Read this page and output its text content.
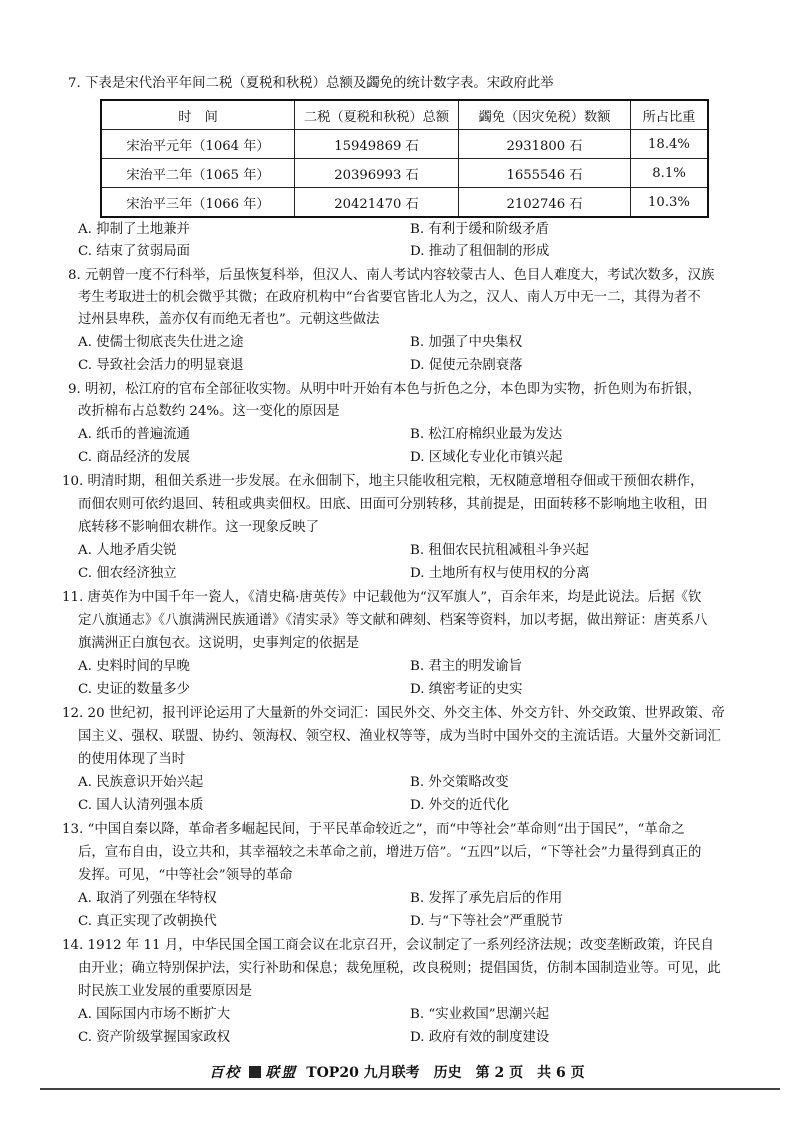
7. 下表是宋代治平年间二税（夏税和秋税）总额及蠲免的统计数字表。宋政府此举
时　间	二税（夏税和秋税）总额	蠲免（因灾免税）数额	所占比重
宋治平元年（1064 年）	15949869 石	2931800 石	18.4%
宋治平二年（1065 年）	20396993 石	1655546 石	8.1%
宋治平三年（1066 年）	20421470 石	2102746 石	10.3%
A. 抑制了土地兼并	B. 有利于缓和阶级矛盾
C. 结束了贫弱局面	D. 推动了租佃制的形成
8. 元朝曾一度不行科举，后虽恢复科举，但汉人、南人考试内容较蒙古人、色目人难度大，考试次数多，汉族
考生考取进士的机会微乎其微；在政府机构中“台省要官皆北人为之，汉人、南人万中无一二，其得为者不
过州县卑秩，盖亦仅有而绝无者也”。元朝这些做法
A. 使儒士彻底丧失仕进之途	B. 加强了中央集权
C. 导致社会活力的明显衰退	D. 促使元杂剧衰落
9. 明初，松江府的官布全部征收实物。从明中叶开始有本色与折色之分，本色即为实物，折色则为布折银，
改折棉布占总数约 24%。这一变化的原因是
A. 纸币的普遍流通	B. 松江府棉织业最为发达
C. 商品经济的发展	D. 区域化专业化市镇兴起
10. 明清时期，租佃关系进一步发展。在永佃制下，地主只能收租完粮，无权随意增租夺佃或干预佃农耕作，
而佃农则可依约退回、转租或典卖佃权。田底、田面可分别转移，其前提是，田面转移不影响地主收租，田
底转移不影响佃农耕作。这一现象反映了
A. 人地矛盾尖锐	B. 租佃农民抗租减租斗争兴起
C. 佃农经济独立	D. 土地所有权与使用权的分离
11. 唐英作为中国千年一瓷人，《清史稿·唐英传》中记载他为“汉军旗人”，百余年来，均是此说法。后据《钦
定八旗通志》《八旗满洲民族通谱》《清实录》等文献和碑刻、档案等资料，加以考据，做出辩证：唐英系八
旗满洲正白旗包衣。这说明，史事判定的依据是
A. 史料时间的早晚	B. 君主的明发谕旨
C. 史证的数量多少	D. 缜密考证的史实
12. 20 世纪初，报刊评论运用了大量新的外交词汇：国民外交、外交主体、外交方针、外交政策、世界政策、帝
国主义、强权、联盟、协约、领海权、领空权、渔业权等等，成为当时中国外交的主流话语。大量外交新词汇
的使用体现了当时
A. 民族意识开始兴起	B. 外交策略改变
C. 国人认清列强本质	D. 外交的近代化
13. “中国自秦以降，革命者多崛起民间，于平民革命较近之”，而“中等社会”革命则“出于国民”，“革命之
后，宣布自由，设立共和，其幸福较之未革命之前，增进万倍”。“五四”以后，“下等社会”力量得到真正的
发挥。可见，“中等社会”领导的革命
A. 取消了列强在华特权	B. 发挥了承先启后的作用
C. 真正实现了改朝换代	D. 与“下等社会”严重脱节
14. 1912 年 11 月，中华民国全国工商会议在北京召开，会议制定了一系列经济法规；改变垄断政策，许民自
由开业；确立特别保护法，实行补助和保息；裁免厘税，改良税则；提倡国货，仿制本国制造业等。可见，此
时民族工业发展的重要原因是
A. 国际国内市场不断扩大	B. “实业救国”思潮兴起
C. 资产阶级掌握国家政权	D. 政府有效的制度建设
百校 联盟 TOP20 九月联考　历史　第 2 页　共 6 页
